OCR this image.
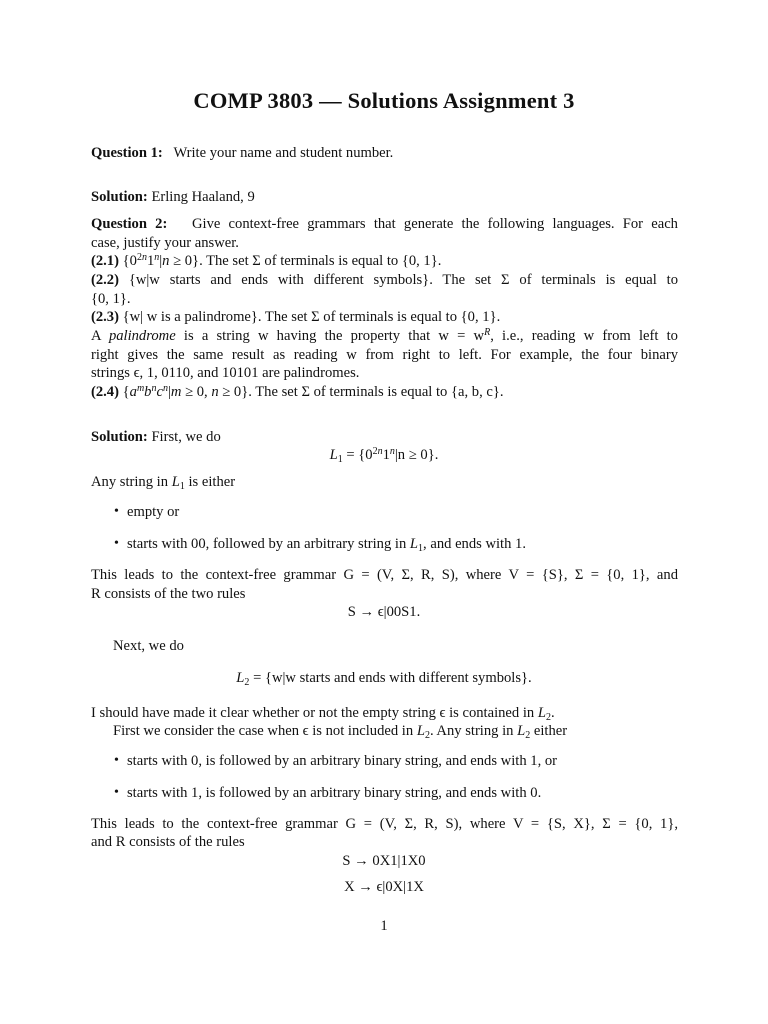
COMP 3803 — Solutions Assignment 3
Question 1: Write your name and student number.
Solution: Erling Haaland, 9
Question 2: Give context-free grammars that generate the following languages. For each
case, justify your answer.
(2.1) $\{0^{2n}1^n|n \ge 0\}$. The set Σ of terminals is equal to {0, 1}.
(2.2) {w|w starts and ends with different symbols}. The set Σ of terminals is equal to
{0, 1}.
(2.3) {w| w is a palindrome}. The set Σ of terminals is equal to {0, 1}.
A palindrome is a string w having the property that $w = w^R$, i.e., reading w from left to
right gives the same result as reading w from right to left. For example, the four binary
strings ϵ, 1, 0110, and 10101 are palindromes.
(2.4) {$a^mb^nc^n|m \ge 0$, n ≥ 0}. The set Σ of terminals is equal to {a, b, c}.
Solution: First, we do
$L_1 = \{0^{2n}1^n|n \ge 0\}$.
Any string in $L_1$ is either
• empty or
• starts with 00, followed by an arbitrary string in $L_1$, and ends with 1.
This leads to the context-free grammar G = (V, Σ, R, S), where V = {S}, Σ = {0, 1}, and
R consists of the two rules
S → ϵ|00S1.
Next, we do
$L_2 = \{w|w$ starts and ends with different symbols}.
I should have made it clear whether or not the empty string ϵ is contained in $L_2$.
First we consider the case when ϵ is not included in $L_2$. Any string in $L_2$ either
• starts with 0, is followed by an arbitrary binary string, and ends with 1, or
• starts with 1, is followed by an arbitrary binary string, and ends with 0.
This leads to the context-free grammar G = (V, Σ, R, S), where V = {S, X}, Σ = {0, 1},
and R consists of the rules
S → 0X1|1X0
X → ϵ|0X|1X
1
